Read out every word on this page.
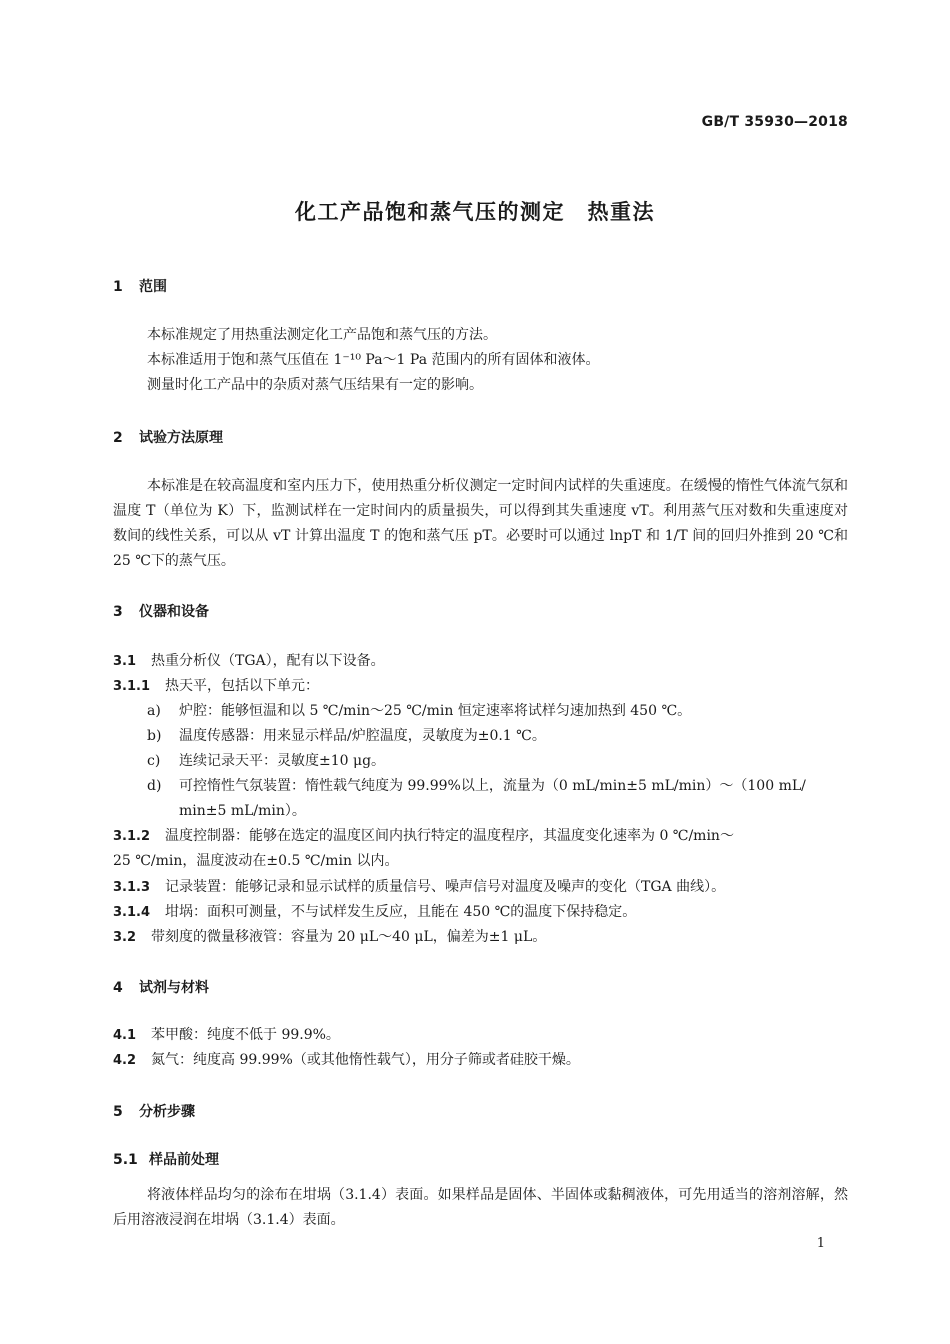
GB/T 35930—2018
化工产品饱和蒸气压的测定　热重法
1 范围
本标准规定了用热重法测定化工产品饱和蒸气压的方法。
本标准适用于饱和蒸气压值在 1⁻¹⁰ Pa～1 Pa 范围内的所有固体和液体。
测量时化工产品中的杂质对蒸气压结果有一定的影响。
2 试验方法原理

本标准是在较高温度和室内压力下，使用热重分析仪测定一定时间内试样的失重速度。在缓慢的惰性气体流气氛和温度 T（单位为 K）下，监测试样在一定时间内的质量损失，可以得到其失重速度 vT。利用蒸气压对数和失重速度对数间的线性关系，可以从 vT 计算出温度 T 的饱和蒸气压 pT。必要时可以通过 lnpT 和 1/T 间的回归外推到 20 ℃和 25 ℃下的蒸气压。

3 仪器和设备
3.1 热重分析仪（TGA），配有以下设备。
3.1.1 热天平，包括以下单元：
a) 炉腔：能够恒温和以 5 ℃/min～25 ℃/min 恒定速率将试样匀速加热到 450 ℃。
b) 温度传感器：用来显示样品/炉腔温度，灵敏度为±0.1 ℃。
c) 连续记录天平：灵敏度±10 μg。
d) 可控惰性气氛装置：惰性载气纯度为 99.99%以上，流量为（0 mL/min±5 mL/min）～（100 mL/
min±5 mL/min）。
3.1.2 温度控制器：能够在选定的温度区间内执行特定的温度程序，其温度变化速率为 0 ℃/min～
25 ℃/min，温度波动在±0.5 ℃/min 以内。
3.1.3 记录装置：能够记录和显示试样的质量信号、噪声信号对温度及噪声的变化（TGA 曲线）。
3.1.4 坩埚：面积可测量，不与试样发生反应，且能在 450 ℃的温度下保持稳定。
3.2 带刻度的微量移液管：容量为 20 μL～40 μL，偏差为±1 μL。
4 试剂与材料
4.1 苯甲酸：纯度不低于 99.9%。
4.2 氮气：纯度高 99.99%（或其他惰性载气），用分子筛或者硅胶干燥。
5 分析步骤
5.1 样品前处理

将液体样品均匀的涂布在坩埚（3.1.4）表面。如果样品是固体、半固体或黏稠液体，可先用适当的溶剂溶解，然后用溶液浸润在坩埚（3.1.4）表面。

1
